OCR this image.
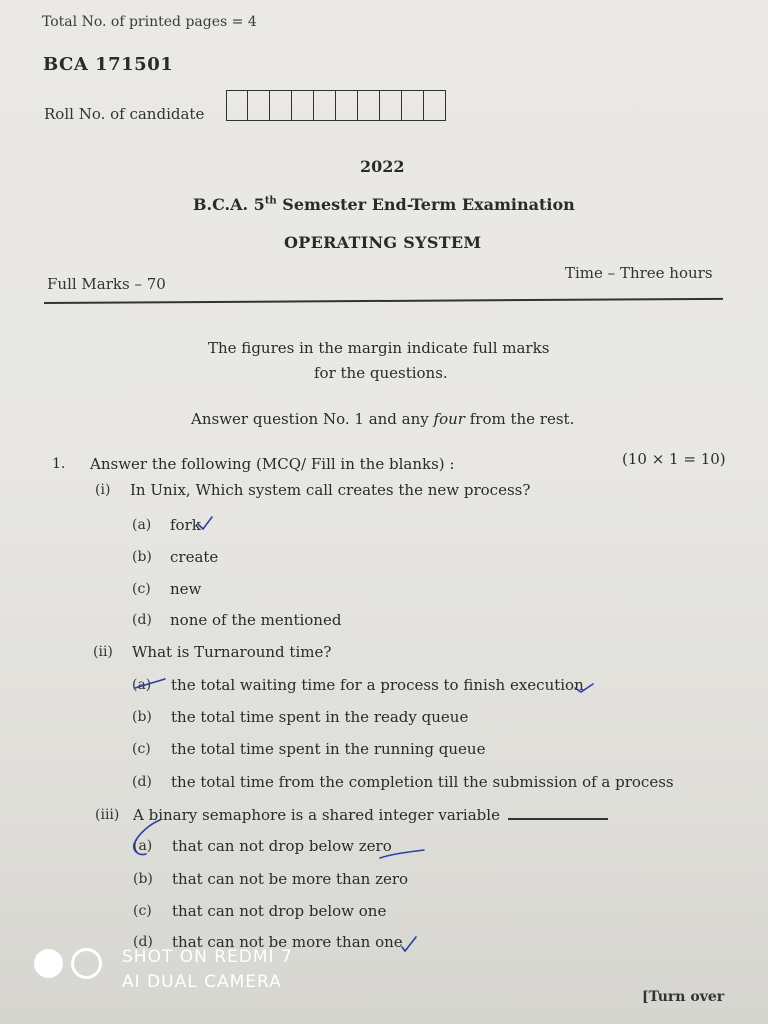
Total No. of printed pages = 4
BCA 171501
Roll No. of candidate
2022
B.C.A. 5th Semester End-Term Examination
OPERATING SYSTEM
Full Marks – 70
Time – Three hours
The figures in the margin indicate full marks
for the questions.
Answer question No. 1 and any four from the rest.
1. Answer the following (MCQ/ Fill in the blanks) :	(10 × 1 = 10)
(i) In Unix, Which system call creates the new process?
(a) fork
(b) create
(c) new
(d) none of the mentioned
(ii) What is Turnaround time?
(a) the total waiting time for a process to finish execution
(b) the total time spent in the ready queue
(c) the total time spent in the running queue
(d) the total time from the completion till the submission of a process
(iii) A binary semaphore is a shared integer variable
(a) that can not drop below zero
(b) that can not be more than zero
(c) that can not drop below one
(d) that can not be more than one
SHOT ON REDMI 7
AI DUAL CAMERA
[Turn over
